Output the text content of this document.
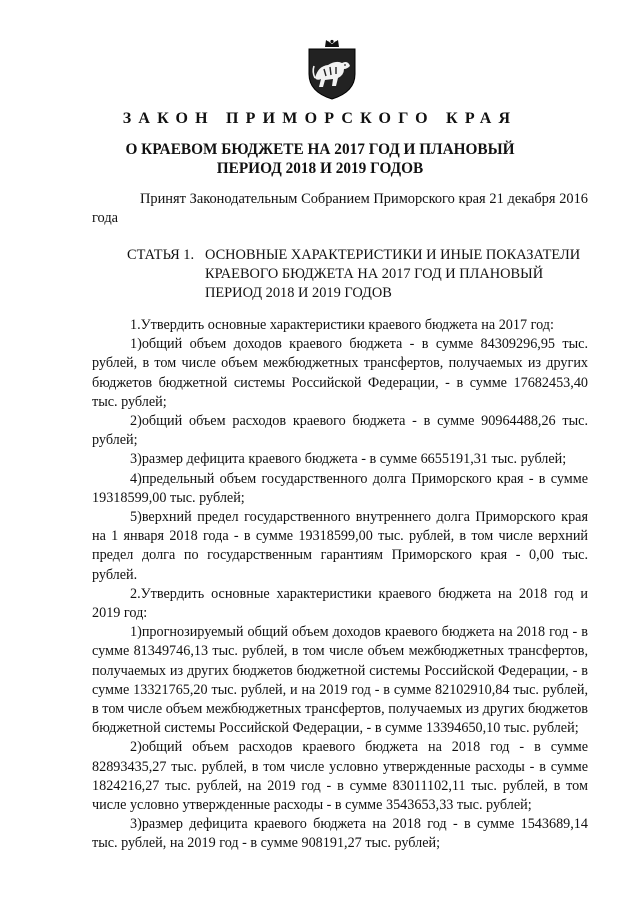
ЗАКОН ПРИМОРСКОГО КРАЯ
О КРАЕВОМ БЮДЖЕТЕ НА 2017 ГОД И ПЛАНОВЫЙ
ПЕРИОД 2018 И 2019 ГОДОВ
Принят Законодательным Собранием Приморского края 21 декабря 2016 года
СТАТЬЯ 1. ОСНОВНЫЕ ХАРАКТЕРИСТИКИ И ИНЫЕ ПОКАЗАТЕЛИ КРАЕВОГО БЮДЖЕТА НА 2017 ГОД И ПЛАНОВЫЙ ПЕРИОД 2018 И 2019 ГОДОВ

1.Утвердить основные характеристики краевого бюджета на 2017 год:

1)общий объем доходов краевого бюджета - в сумме 84309296,95 тыс. рублей, в том числе объем межбюджетных трансфертов, получаемых из других бюджетов бюджетной системы Российской Федерации, - в сумме 17682453,40 тыс. рублей;

2)общий объем расходов краевого бюджета - в сумме 90964488,26 тыс. рублей;

3)размер дефицита краевого бюджета - в сумме 6655191,31 тыс. рублей;

4)предельный объем государственного долга Приморского края - в сумме 19318599,00 тыс. рублей;

5)верхний предел государственного внутреннего долга Приморского края на 1 января 2018 года - в сумме 19318599,00 тыс. рублей, в том числе верхний предел долга по государственным гарантиям Приморского края - 0,00 тыс. рублей.

2.Утвердить основные характеристики краевого бюджета на 2018 год и 2019 год:

1)прогнозируемый общий объем доходов краевого бюджета на 2018 год - в сумме 81349746,13 тыс. рублей, в том числе объем межбюджетных трансфертов, получаемых из других бюджетов бюджетной системы Российской Федерации, - в сумме 13321765,20 тыс. рублей, и на 2019 год - в сумме 82102910,84 тыс. рублей, в том числе объем межбюджетных трансфертов, получаемых из других бюджетов бюджетной системы Российской Федерации, - в сумме 13394650,10 тыс. рублей;

2)общий объем расходов краевого бюджета на 2018 год - в сумме 82893435,27 тыс. рублей, в том числе условно утвержденные расходы - в сумме 1824216,27 тыс. рублей, на 2019 год - в сумме 83011102,11 тыс. рублей, в том числе условно утвержденные расходы - в сумме 3543653,33 тыс. рублей;

3)размер дефицита краевого бюджета на 2018 год - в сумме 1543689,14 тыс. рублей, на 2019 год - в сумме 908191,27 тыс. рублей;
